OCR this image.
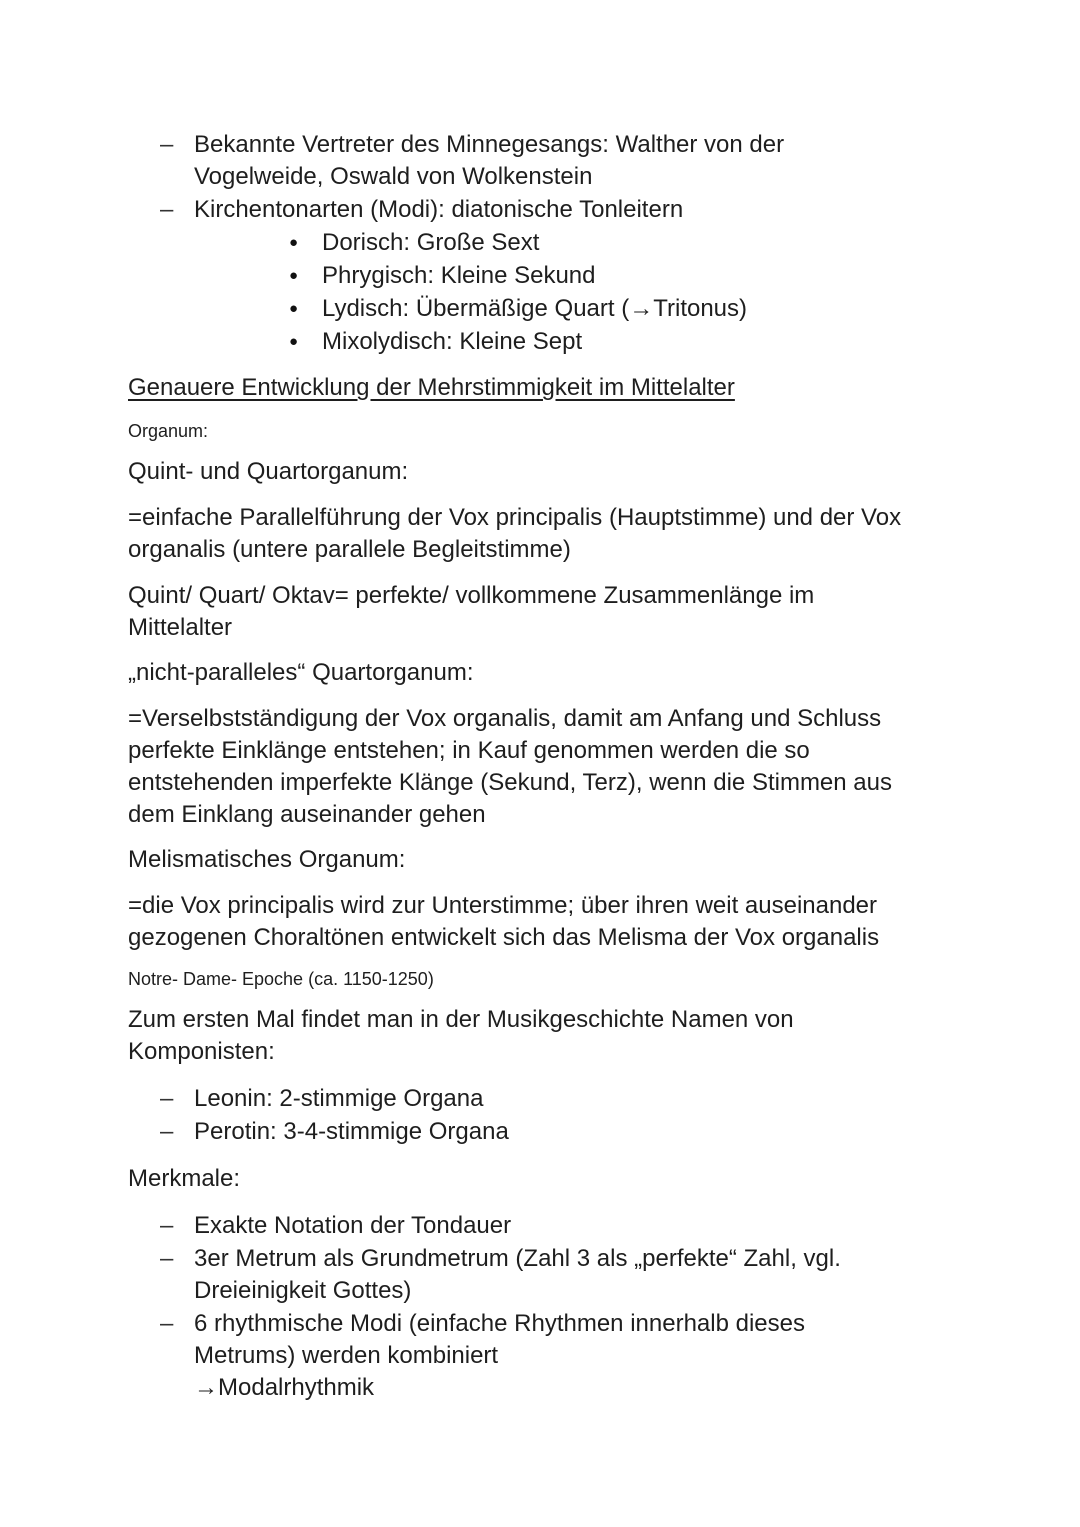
– Bekannte Vertreter des Minnegesangs: Walther von der Vogelweide, Oswald von Wolkenstein

– Kirchentonarten (Modi): diatonische Tonleitern

● Dorisch: Große Sext

● Phrygisch: Kleine Sekund

● Lydisch: Übermäßige Quart (→Tritonus)

● Mixolydisch: Kleine Sept

Genauere Entwicklung der Mehrstimmigkeit im Mittelalter

Organum:

Quint- und Quartorganum:

=einfache Parallelführung der Vox principalis (Hauptstimme) und der Vox organalis (untere parallele Begleitstimme)

Quint/ Quart/ Oktav= perfekte/ vollkommene Zusammenlänge im Mittelalter

„nicht-paralleles“ Quartorganum:

=Verselbstständigung der Vox organalis, damit am Anfang und Schluss perfekte Einklänge entstehen; in Kauf genommen werden die so entstehenden imperfekte Klänge (Sekund, Terz), wenn die Stimmen aus dem Einklang auseinander gehen

Melismatisches Organum:

=die Vox principalis wird zur Unterstimme; über ihren weit auseinander gezogenen Choraltönen entwickelt sich das Melisma der Vox organalis

Notre- Dame- Epoche (ca. 1150-1250)

Zum ersten Mal findet man in der Musikgeschichte Namen von Komponisten:

– Leonin: 2-stimmige Organa

– Perotin: 3-4-stimmige Organa

Merkmale:

– Exakte Notation der Tondauer

– 3er Metrum als Grundmetrum (Zahl 3 als „perfekte“ Zahl, vgl. Dreieinigkeit Gottes)

– 6 rhythmische Modi (einfache Rhythmen innerhalb dieses Metrums) werden kombiniert

→Modalrhythmik
